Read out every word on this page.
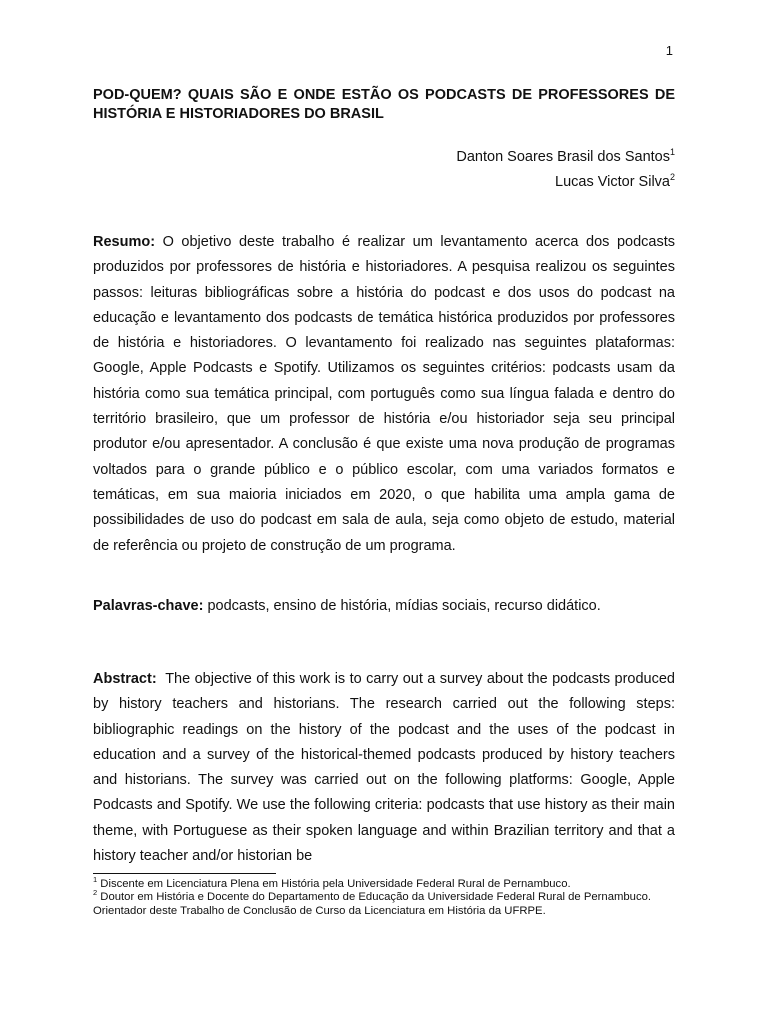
1
POD-QUEM? QUAIS SÃO E ONDE ESTÃO OS PODCASTS DE PROFESSORES DE HISTÓRIA E HISTORIADORES DO BRASIL
Danton Soares Brasil dos Santos$^1$
Lucas Victor Silva$^2$

Resumo: O objetivo deste trabalho é realizar um levantamento acerca dos podcasts produzidos por professores de história e historiadores. A pesquisa realizou os seguintes passos: leituras bibliográficas sobre a história do podcast e dos usos do podcast na educação e levantamento dos podcasts de temática histórica produzidos por professores de história e historiadores. O levantamento foi realizado nas seguintes plataformas: Google, Apple Podcasts e Spotify. Utilizamos os seguintes critérios: podcasts usam da história como sua temática principal, com português como sua língua falada e dentro do território brasileiro, que um professor de história e/ou historiador seja seu principal produtor e/ou apresentador. A conclusão é que existe uma nova produção de programas voltados para o grande público e o público escolar, com uma variados formatos e temáticas, em sua maioria iniciados em 2020, o que habilita uma ampla gama de possibilidades de uso do podcast em sala de aula, seja como objeto de estudo, material de referência ou projeto de construção de um programa.

Palavras-chave: podcasts, ensino de história, mídias sociais, recurso didático.

Abstract:  The objective of this work is to carry out a survey about the podcasts produced by history teachers and historians. The research carried out the following steps: bibliographic readings on the history of the podcast and the uses of the podcast in education and a survey of the historical-themed podcasts produced by history teachers and historians. The survey was carried out on the following platforms: Google, Apple Podcasts and Spotify. We use the following criteria: podcasts that use history as their main theme, with Portuguese as their spoken language and within Brazilian territory and that a history teacher and/or historian be

$^1$ Discente em Licenciatura Plena em História pela Universidade Federal Rural de Pernambuco.

$^2$ Doutor em História e Docente do Departamento de Educação da Universidade Federal Rural de Pernambuco. Orientador deste Trabalho de Conclusão de Curso da Licenciatura em História da UFRPE.
